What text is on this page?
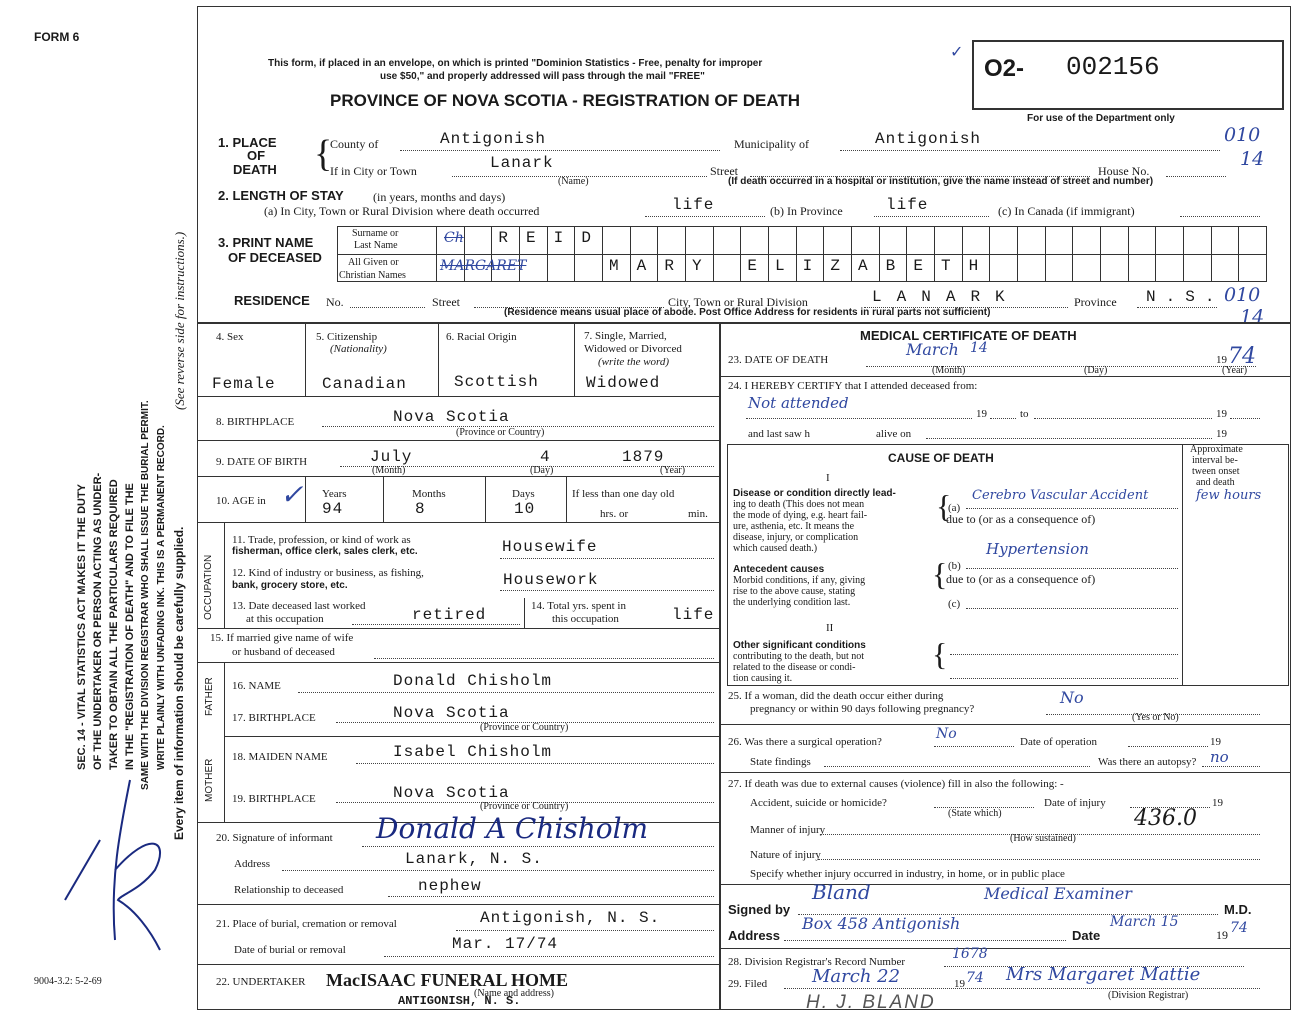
FORM 6
SEC. 14 - VITAL STATISTICS ACT MAKES IT THE DUTY OF THE UNDERTAKER OR PERSON ACTING AS UNDER- TAKER TO OBTAIN ALL THE PARTICULARS REQUIRED IN THE "REGISTRATION OF DEATH" AND TO FILE THE SAME WITH THE DIVISION REGISTRAR WHO SHALL ISSUE THE BURIAL PERMIT. WRITE PLAINLY WITH UNFADING INK. THIS IS A PERMANENT RECORD. Every item of information should be carefully supplied.
(See reverse side for instructions.)
9004-3.2: 5-2-69
This form, if placed in an envelope, on which is printed "Dominion Statistics - Free, penalty for improper
use $50," and properly addressed will pass through the mail "FREE"
PROVINCE OF NOVA SCOTIA - REGISTRATION OF DEATH
✓
O2- 002156
For use of the Department only
010
14
010
14
1. PLACE
OF
DEATH {
County of	Antigonish	Municipality of	Antigonish
If in City or Town	Lanark
(Name)
Street	House No.
(If death occurred in a hospital or institution, give the name instead of street and number)
2. LENGTH OF STAY (in years, months and days)
(a) In City, Town or Rural Division where death occurred	life	(b) In Province	life	(c) In Canada (if immigrant)
3. PRINT NAME
OF DECEASED
Surname or
Last Name
All Given or
Christian Names
R E I D
M A R Y	E L I Z A B E T H
Ch
MARGARET
RESIDENCE No.	Street	City, Town or Rural Division	LANARK	Province N.S.
(Residence means usual place of abode. Post Office Address for residents in rural parts not sufficient)
4. Sex
Female
5. Citizenship
(Nationality)
Canadian
6. Racial Origin
Scottish
7. Single, Married,
Widowed or Divorced
(write the word)
Widowed
8. BIRTHPLACE	Nova Scotia
(Province or Country)
9. DATE OF BIRTH	July	4	1879
(Month)	(Day)	(Year)
10. AGE in ✓ Years
94
Months
8
Days
10
If less than one day old
hrs. or	min.
OCCUPATION
11. Trade, profession, or kind of work as
fisherman, office clerk, sales clerk, etc.	Housewife
12. Kind of industry or business, as fishing,
bank, grocery store, etc.	Housework
13. Date deceased last worked
at this occupation	retired	14. Total yrs. spent in
this occupation	life
15. If married give name of wife
or husband of deceased
FATHER 16. NAME	Donald Chisholm
17. BIRTHPLACE	Nova Scotia
(Province or Country)
MOTHER
18. MAIDEN NAME	Isabel Chisholm
19. BIRTHPLACE	Nova Scotia
(Province or Country)
20. Signature of informant Donald A Chisholm
Address	Lanark, N. S.
Relationship to deceased	nephew
21. Place of burial, cremation or removal	Antigonish, N. S.
Date of burial or removal	Mar. 17/74
22. UNDERTAKER MacISAAC FUNERAL HOME
ANTIGONISH, N. S.
(Name and address)
MEDICAL CERTIFICATE OF DEATH
23. DATE OF DEATH
March 14
19 74
(Month)	(Day)	(Year)
24. I HEREBY CERTIFY that I attended deceased from:
Not attended
19	to	19
and last saw h	alive on	19
CAUSE OF DEATH
Approximate
interval be-
tween onset
and death
I
Disease or condition directly lead-
ing to death (This does not mean
the mode of dying, e.g. heart fail-
ure, asthenia, etc. It means the
disease, injury, or complication
which caused death.)
{
(a)
Cerebro Vascular Accident	few hours
due to (or as a consequence of)
Antecedent causes
Morbid conditions, if any, giving
rise to the above cause, stating
the underlying condition last.
{ (b)
Hypertension
due to (or as a consequence of)
(c)
II
Other significant conditions
contributing to the death, but not
related to the disease or condi-
tion causing it.
{
25. If a woman, did the death occur either during
pregnancy or within 90 days following pregnancy?
No
(Yes or No)
26. Was there a surgical operation?	No	Date of operation	19
State findings	Was there an autopsy? no
27. If death was due to external causes (violence) fill in also the following: -
Accident, suicide or homicide?	Date of injury	19
(State which)	436.0
Manner of injury
(How sustained)
Nature of injury
Specify whether injury occurred in industry, in home, or in public place
Signed by
Bland	Medical Examiner
M.D.
Address
Box 458 Antigonish
Date
March 15
19 74
28. Division Registrar's Record Number	1678
29. Filed March 22	19 74 Mrs Margaret Mattie
(Division Registrar)
H. J. BLAND
